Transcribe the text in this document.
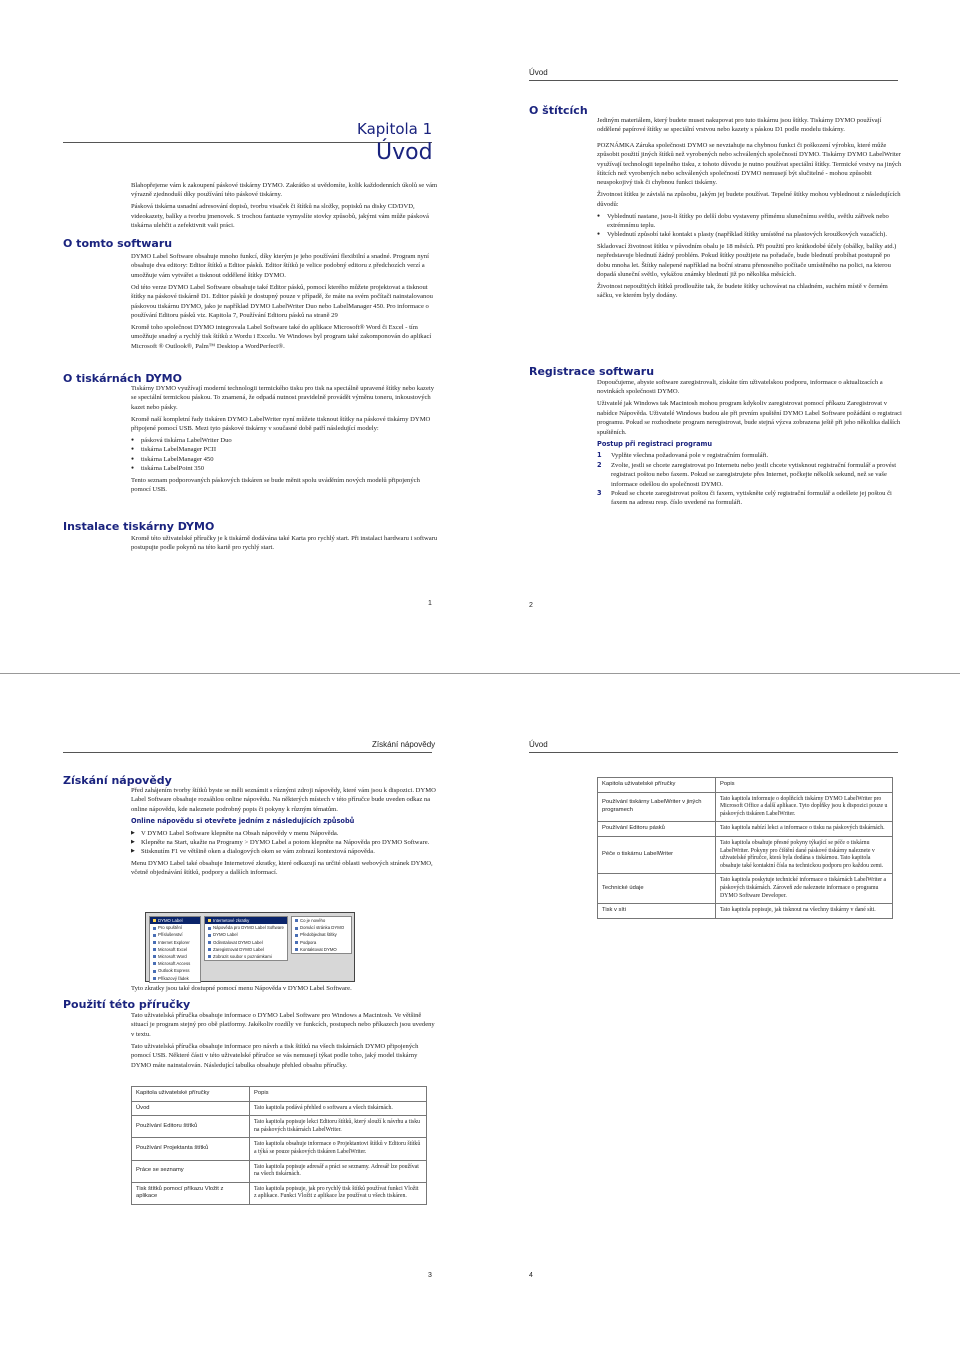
Kapitola 1
Úvod

Blahopřejeme vám k zakoupení páskové tiskárny DYMO. Zakrátko si uvědomíte, kolik každodenních úkolů se vám výrazně zjednoduší díky používání této páskové tiskárny.

Pásková tiskárna usnadní adresování dopisů, tvorbu visaček či štítků na složky, popisků na disky CD/DVD, videokazety, balíky a tvorbu jmenovek. S trochou fantazie vymyslíte stovky způsobů, jakými vám může pásková tiskárna ulehčit a zefektivnit vaši práci.

O tomto softwaru

DYMO Label Software obsahuje mnoho funkcí, díky kterým je jeho používání flexibilní a snadné. Program nyní obsahuje dva editory: Editor štítků a Editor pásků. Editor štítků je velice podobný editoru z předchozích verzí a umožňuje vám vytvářet a tisknout oddělené štítky DYMO.

Od této verze DYMO Label Software obsahuje také Editor pásků, pomocí kterého můžete projektovat a tisknout štítky na páskové tiskárně D1. Editor pásků je dostupný pouze v případě, že máte na svém počítači nainstalovanou páskovou tiskárnu DYMO, jako je například DYMO LabelWriter Duo nebo LabelManager 450. Pro informace o používání Editoru pásků viz. Kapitola 7, Používání Editoru pásků na straně 29

Kromě toho společnost DYMO integrovala Label Software také do aplikace Microsoft® Word či Excel - tím umožňuje snadný a rychlý tisk štítků z Wordu i Excelu. Ve Windows byl program také zakomponován do aplikací Microsoft ® Outlook®, Palm™ Desktop a WordPerfect®.

O tiskárnách DYMO

Tiskárny DYMO využívají moderní technologii termického tisku pro tisk na speciálně upravené štítky nebo kazety se speciální termickou páskou. To znamená, že odpadá nutnost pravidelně provádět výměnu toneru, inkoustových kazet nebo pásky.

Kromě naší kompletní řady tiskáren DYMO LabelWriter nyní můžete tisknout štítky na páskové tiskárny DYMO připojené pomocí USB. Mezi tyto páskové tiskárny v současné době patří následující modely:

● pásková tiskárna LabelWriter Duo
● tiskárna LabelManager PCII
● tiskárna LabelManager 450
● tiskárna LabelPoint 350

Tento seznam podporovaných páskových tiskáren se bude měnit spolu uváděním nových modelů připojených pomocí USB.

Instalace tiskárny DYMO

Kromě této uživatelské příručky je k tiskárně dodávána také Karta pro rychlý start. Při instalaci hardwaru i softwaru postupujte podle pokynů na této kartě pro rychlý start.

1
Úvod
O štítcích

Jediným materiálem, který budete muset nakupovat pro tuto tiskárnu jsou štítky. Tiskárny DYMO používají oddělené papírové štítky se speciální vrstvou nebo kazety s páskou D1 podle modelu tiskárny.

POZNÁMKA Záruka společnosti DYMO se nevztahuje na chybnou funkci či poškození výrobku, které může způsobit použití jiných štítků než vyrobených nebo schválených společností DYMO. Tiskárny DYMO LabelWriter využívají technologii tepelného tisku, z tohoto důvodu je nutno používat speciální štítky. Termické vrstvy na jiných štítcích než vyrobených nebo schválených společností DYMO nemusejí být slučitelné - mohou způsobit neuspokojivý tisk či chybnou funkci tiskárny.

Životnost štítku je závislá na způsobu, jakým jej budete používat. Tepelné štítky mohou vyblednout z následujících důvodů:

● Vyblednutí nastane, jsou-li štítky po delší dobu vystaveny přímému slunečnímu světlu, světlu zářivek nebo extrémnímu teplu.
● Vyblednutí způsobí také kontakt s plasty (například štítky umístěné na plastových kroužkových vazačích).

Skladovací životnost štítku v původním obalu je 18 měsíců. Při použití pro krátkodobé účely (obálky, balíky atd.) nepředstavuje blednutí žádný problém. Pokud štítky použijete na pořadače, bude blednutí probíhat postupně po dobu mnoha let. Štítky nalepené například na boční stranu přenosného počítače umístěného na polici, na kterou dopadá sluneční světlo, vykážou známky blednutí již po několika měsících.

Životnost nepoužitých štítků prodloužíte tak, že budete štítky uchovávat na chladném, suchém místě v černém sáčku, ve kterém byly dodány.

Registrace softwaru

Dopoučujeme, abyste software zaregistrovali, získáte tím uživatelskou podporu, informace o aktualizacích a novinkách společnosti DYMO.

Uživatelé jak Windows tak Macintosh mohou program kdykoliv zaregistrovat pomocí příkazu Zaregistrovat v nabídce Nápověda. Uživatelé Windows budou ale při prvním spuštění DYMO Label Software požádáni o registraci programu. Pokud se rozhodnete program neregistrovat, bude stejná výzva zobrazena ještě při jeho několika dalších spuštěních.

Postup při registraci programu
1 Vyplňte všechna požadovaná pole v registračním formuláři.
2 Zvolte, jestli se chcete zaregistrovat po Internetu nebo jestli chcete vytisknout registrační formulář a provést registraci poštou nebo faxem. Pokud se zaregistrujete přes Internet, počkejte několik sekund, než se vaše informace odešlou do společnosti DYMO.
3 Pokud se chcete zaregistrovat poštou či faxem, vytiskněte celý registrační formulář a odešlete jej poštou či faxem na adresu resp. číslo uvedené na formuláři.
2
Získání nápovědy
Získání nápovědy

Před zahájením tvorby štítků byste se měli seznámit s různými zdroji nápovědy, které vám jsou k dispozici. DYMO Label Software obsahuje rozsáhlou online nápovědu. Na některých místech v této příručce bude uveden odkaz na online nápovědu, kde naleznete podrobný popis či pokyny k různým tématům.

Online nápovědu si otevřete jedním z následujících způsobů
▶ V DYMO Label Software klepněte na Obsah nápovědy v menu Nápověda.
▶ Klepněte na Start, ukažte na Programy > DYMO Label a potom klepněte na Nápověda pro DYMO Software.
▶ Stisknutím F1 ve většině oken a dialogových oken se vám zobrazí kontextová nápověda.

Menu DYMO Label také obsahuje Internetové zkratky, které odkazují na určité oblasti webových stránek DYMO, včetně objednávání štítků, podpory a dalších informací.

DYMO Label
Pro spuštění
Příslušenství
Internet Explorer
Microsoft Excel
Microsoft Word
Microsoft Access
Outlook Express
Příkazový řádek
Internetové zkratky
Nápověda pro DYMO Label Software
DYMO Label
Odinstalovat DYMO Label
Zaregistrovat DYMO Label
Zobrazit soubor s poznámkami
Co je nového
Domácí stránka DYMO
Předobjednat štítky
Podpora
Kontaktovat DYMO
Tyto zkratky jsou také dostupné pomocí menu Nápověda v DYMO Label Software.
Použití této příručky

Tato uživatelská příručka obsahuje informace o DYMO Label Software pro Windows a Macintosh. Ve většině situací je program stejný pro obě platformy. Jakékoliv rozdíly ve funkcích, postupech nebo příkazech jsou uvedeny v textu.

Tato uživatelská příručka obsahuje informace pro návrh a tisk štítků na všech tiskárnách DYMO připojených pomocí USB. Některé části v této uživatelské příručce se vás nemusejí týkat podle toho, jaký model tiskárny DYMO máte nainstalován. Následující tabulka obsahuje přehled obsahu příručky.

Kapitola uživatelské příručky	Popis
Úvod	Tato kapitola podává přehled o softwaru a všech tiskárnách.
Používání Editoru štítků	Tato kapitola popisuje lekci Editoru štítků, který slouží k návrhu a tisku na páskových tiskárnách LabelWriter.
Používání Projektanta štítků	Tato kapitola obsahuje informace o Projektantovi štítků v Editoru štítků a týká se pouze páskových tiskáren LabelWriter.
Práce se seznamy	Tato kapitola popisuje adresář a práci se seznamy. Adresář lze používat na všech tiskárnách.
Tisk štítků pomocí příkazu Vložit z aplikace	Tato kapitola popisuje, jak pro rychlý tisk štítků používat funkci Vložit z aplikace. Funkci Vložit z aplikace lze používat u všech tiskáren.
3
Úvod
Kapitola uživatelské příručky	Popis
Používání tiskárny LabelWriter v jiných programech	Tato kapitola informuje o doplňcích tiskárny DYMO LabelWriter pro Microsoft Office a další aplikace. Tyto doplňky jsou k dispozici pouze u páskových tiskáren LabelWriter.
Používání Editoru pásků	Tato kapitola nabízí lekci a informace o tisku na páskových tiskárnách.
Péče o tiskárnu LabelWriter	Tato kapitola obsahuje přesné pokyny týkající se péče o tiskárnu LabelWriter. Pokyny pro čištění dané páskové tiskárny naleznete v uživatelské příručce, která byla dodána s tiskárnou. Tato kapitola obsahuje také kontaktní čísla na technickou podporu pro každou zemi.
Technické údaje	Tato kapitola poskytuje technické informace o tiskárnách LabelWriter a páskových tiskárnách. Zároveň zde naleznete informace o programu DYMO Software Developer.
Tisk v síti	Tato kapitola popisuje, jak tisknout na všechny tiskárny v dané síti.
4
